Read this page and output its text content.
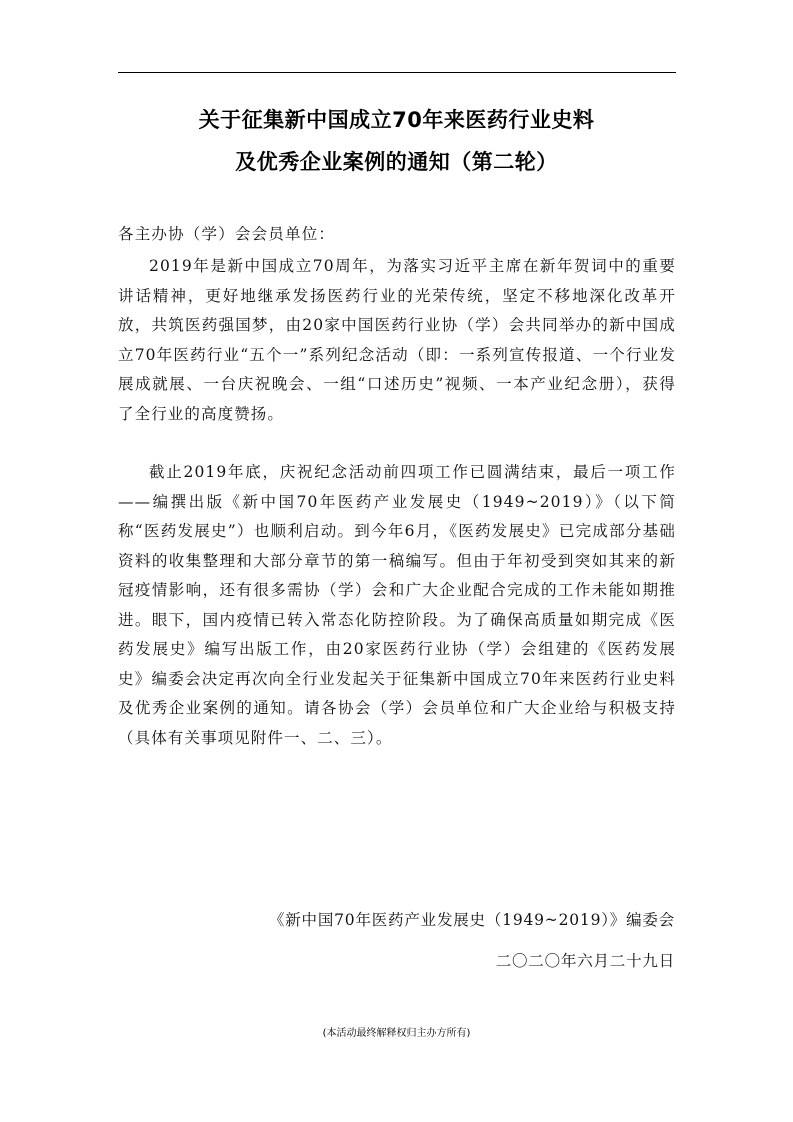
关于征集新中国成立70年来医药行业史料
及优秀企业案例的通知（第二轮）
各主办协（学）会会员单位：

2019年是新中国成立70周年，为落实习近平主席在新年贺词中的重要讲话精神，更好地继承发扬医药行业的光荣传统，坚定不移地深化改革开放，共筑医药强国梦，由20家中国医药行业协（学）会共同举办的新中国成立70年医药行业“五个一”系列纪念活动（即：一系列宣传报道、一个行业发展成就展、一台庆祝晚会、一组“口述历史”视频、一本产业纪念册），获得了全行业的高度赞扬。

截止2019年底，庆祝纪念活动前四项工作已圆满结束，最后一项工作——编撰出版《新中国70年医药产业发展史（1949~2019）》（以下简称“医药发展史”）也顺利启动。到今年6月，《医药发展史》已完成部分基础资料的收集整理和大部分章节的第一稿编写。但由于年初受到突如其来的新冠疫情影响，还有很多需协（学）会和广大企业配合完成的工作未能如期推进。眼下，国内疫情已转入常态化防控阶段。为了确保高质量如期完成《医药发展史》编写出版工作，由20家医药行业协（学）会组建的《医药发展史》编委会决定再次向全行业发起关于征集新中国成立70年来医药行业史料及优秀企业案例的通知。请各协会（学）会员单位和广大企业给与积极支持（具体有关事项见附件一、二、三）。

《新中国70年医药产业发展史（1949~2019）》编委会
二〇二〇年六月二十九日
(本活动最终解释权归主办方所有)
